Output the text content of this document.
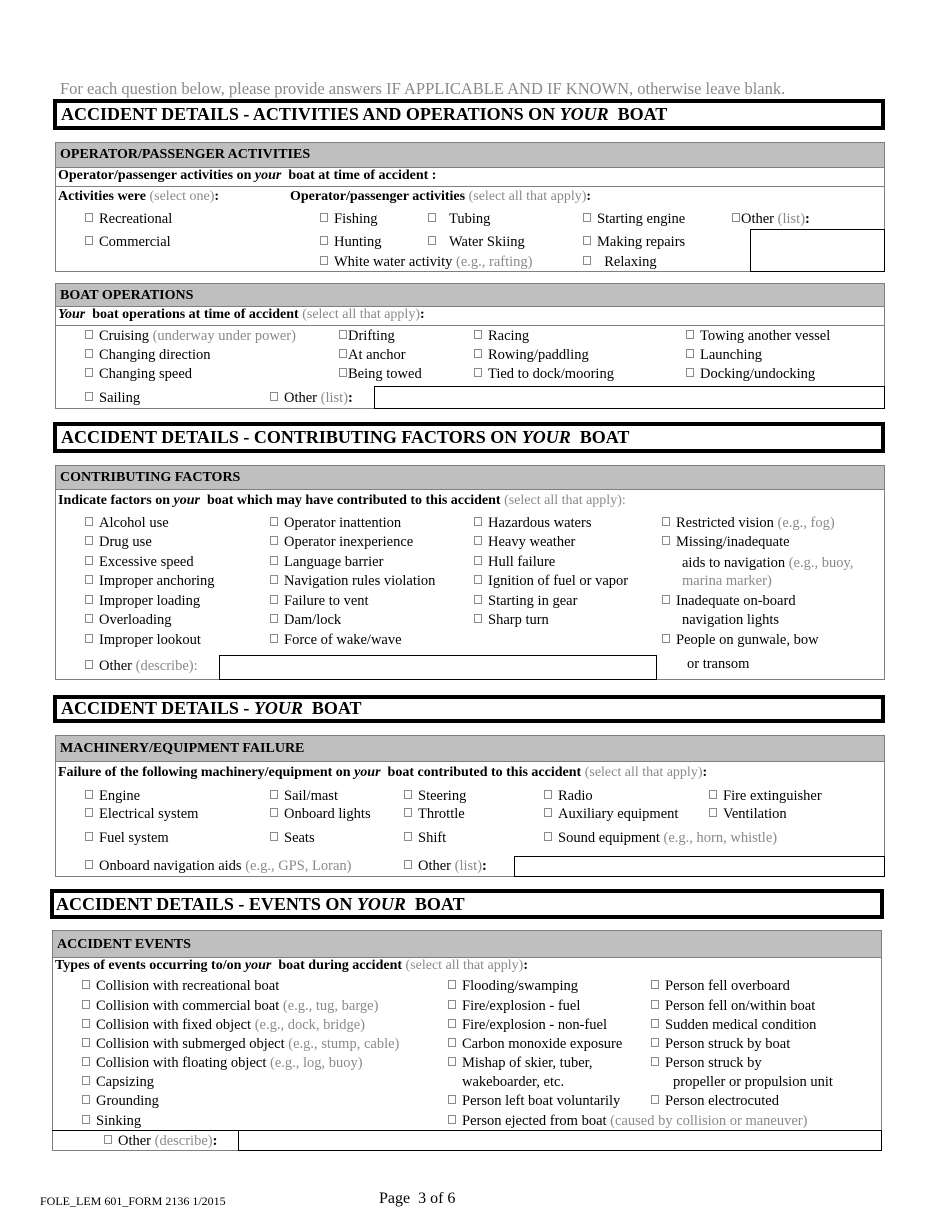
For each question below, please provide answers IF APPLICABLE AND IF KNOWN, otherwise leave blank.
ACCIDENT DETAILS - ACTIVITIES AND OPERATIONS ON YOUR BOAT
OPERATOR/PASSENGER ACTIVITIES
Operator/passenger activities on your boat at time of accident :
Activities were (select one):	Operator/passenger activities (select all that apply):
Recreational
Commercial
Fishing
Hunting
White water activity (e.g., rafting)
Tubing
Water Skiing
Starting engine
Making repairs
Relaxing
Other (list):
BOAT OPERATIONS
Your boat operations at time of accident (select all that apply):
Cruising (underway under power)
Changing direction
Changing speed
Sailing
Drifting
At anchor
Being towed
Other (list):
Racing
Rowing/paddling
Tied to dock/mooring
Towing another vessel
Launching
Docking/undocking
ACCIDENT DETAILS - CONTRIBUTING FACTORS ON YOUR BOAT
CONTRIBUTING FACTORS
Indicate factors on your boat which may have contributed to this accident (select all that apply):
Alcohol use
Drug use
Excessive speed
Improper anchoring
Improper loading
Overloading
Improper lookout
Operator inattention
Operator inexperience
Language barrier
Navigation rules violation
Failure to vent
Dam/lock
Force of wake/wave
Hazardous waters
Heavy weather
Hull failure
Ignition of fuel or vapor
Starting in gear
Sharp turn
Restricted vision (e.g., fog)
Missing/inadequate
aids to navigation (e.g., buoy,
marina marker)
Inadequate on-board
navigation lights
People on gunwale, bow
or transom
Other (describe):
ACCIDENT DETAILS - YOUR BOAT
MACHINERY/EQUIPMENT FAILURE
Failure of the following machinery/equipment on your boat contributed to this accident (select all that apply):
Engine
Electrical system
Fuel system
Onboard navigation aids (e.g., GPS, Loran)
Sail/mast
Onboard lights
Seats
Steering
Throttle
Shift
Other (list):
Radio
Auxiliary equipment
Sound equipment (e.g., horn, whistle)
Fire extinguisher
Ventilation
ACCIDENT DETAILS - EVENTS ON YOUR BOAT
ACCIDENT EVENTS
Types of events occurring to/on your boat during accident (select all that apply):
Collision with recreational boat
Collision with commercial boat (e.g., tug, barge)
Collision with fixed object (e.g., dock, bridge)
Collision with submerged object (e.g., stump, cable)
Collision with floating object (e.g., log, buoy)
Capsizing
Grounding
Sinking
Flooding/swamping
Fire/explosion - fuel
Fire/explosion - non-fuel
Carbon monoxide exposure
Mishap of skier, tuber,
wakeboarder, etc.
Person left boat voluntarily
Person ejected from boat (caused by collision or maneuver)
Person fell overboard
Person fell on/within boat
Sudden medical condition
Person struck by boat
Person struck by
propeller or propulsion unit
Person electrocuted
Other (describe):
FOLE_LEM 601_FORM 2136 1/2015	Page  3 of 6
